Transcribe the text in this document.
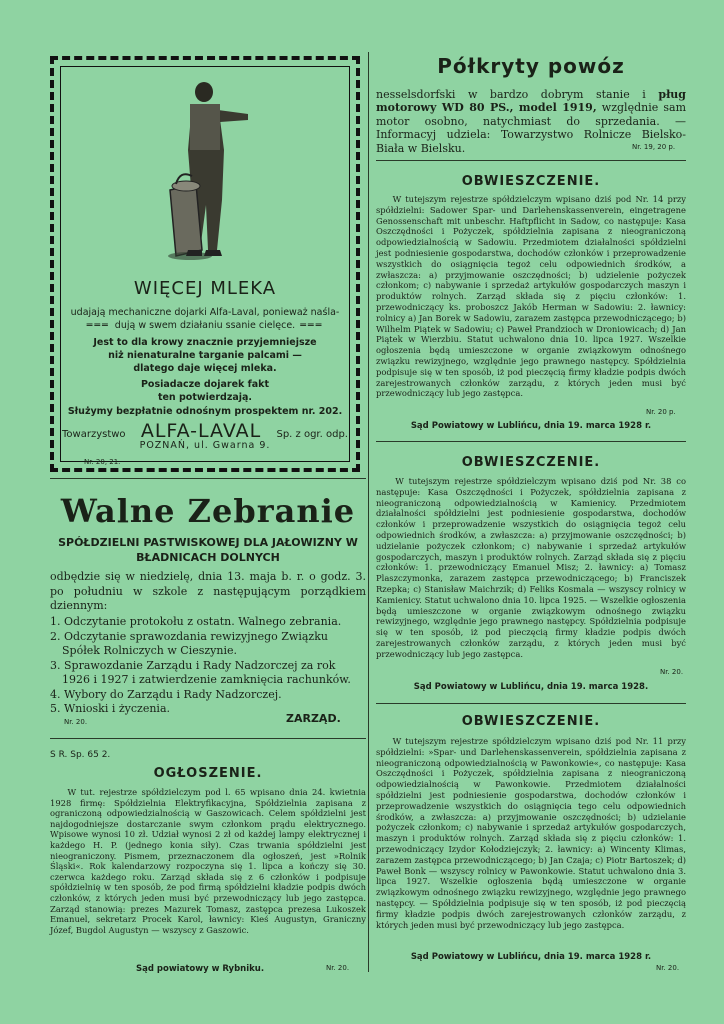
WIĘCEJ MLEKA
udajają mechaniczne dojarki Alfa-Laval, ponieważ naśla-
═══ dują w swem działaniu ssanie cielęce. ═══
Jest to dla krowy znacznie przyjemniejsze
niż nienaturalne targanie palcami —
dlatego daje więcej mleka.
Posiadacze dojarek fakt
ten potwierdzają.
Służymy bezpłatnie odnośnym prospektem nr. 202.
Towarzystwo ALFA-LAVAL Sp. z ogr. odp.
POZNAŃ, ul. Gwarna 9.
Nr. 20, 21.
Walne Zebranie
SPÓŁDZIELNI PASTWISKOWEJ DLA JAŁOWIZNY W BŁADNICACH DOLNYCH
odbędzie się w niedzielę, dnia 13. maja b. r. o godz. 3. po południu w szkole z następującym porządkiem dziennym:
1. Odczytanie protokołu z ostatn. Walnego zebrania.
2. Odczytanie sprawozdania rewizyjnego Związku
Spółek Rolniczych w Cieszynie.
3. Sprawozdanie Zarządu i Rady Nadzorczej za rok
1926 i 1927 i zatwierdzenie zamknięcia rachunków.
4. Wybory do Zarządu i Rady Nadzorczej.
5. Wnioski i życzenia.
Nr. 20.	ZARZĄD.
S R. Sp. 65 2.
OGŁOSZENIE.
W tut. rejestrze spółdzielczym pod l. 65 wpisano dnia 24. kwietnia 1928 firmę: Spółdzielnia Elektryfikacyjna, Spółdzielnia zapisana z ograniczoną odpowiedzialnością w Gaszowicach. Celem spółdzielni jest najdogodniejsze dostarczanie swym członkom prądu elektrycznego. Wpisowe wynosi 10 zł. Udział wynosi 2 zł od każdej lampy elektrycznej i każdego H. P. (jednego konia siły). Czas trwania spółdzielni jest nieograniczony. Pismem, przeznaczonem dla ogłoszeń, jest »Rolnik Śląski«. Rok kalendarzowy rozpoczyna się 1. lipca a kończy się 30. czerwca każdego roku. Zarząd składa się z 6 członków i podpisuje spółdzielnię w ten sposób, że pod firmą spółdzielni kładzie podpis dwóch członków, z których jeden musi być przewodniczący lub jego zastępca. Zarząd stanowią: prezes Mazurek Tomasz, zastępca prezesa Lukoszek Emanuel, sekretarz Procek Karol, ławnicy: Kieś Augustyn, Graniczny Józef, Bugdol Augustyn — wszyscy z Gaszowic.
Sąd powiatowy w Rybniku.	Nr. 20.
Półkryty powóz
nesselsdorfski w bardzo dobrym stanie i pług motorowy WD 80 PS., model 1919, względnie sam motor osobno, natychmiast do sprzedania. — Informacyj udziela: Towarzystwo Rolnicze Bielsko-Biała w Bielsku.	Nr. 19, 20 p.
OBWIESZCZENIE.
W tutejszym rejestrze spółdzielczym wpisano dziś pod Nr. 14 przy spółdzielni: Sadower Spar- und Darlehenskassenverein, eingetragene Genossenschaft mit unbeschr. Haftpflicht in Sadow, co następuje: Kasa Oszczędności i Pożyczek, spółdzielnia zapisana z nieograniczoną odpowiedzialnością w Sadowiu. Przedmiotem działalności spółdzielni jest podniesienie gospodarstwa, dochodów członków i przeprowadzenie wszystkich do osiągnięcia tegoż celu odpowiednich środków, a zwłaszcza: a) przyjmowanie oszczędności; b) udzielenie pożyczek członkom; c) nabywanie i sprzedaż artykułów gospodarczych maszyn i produktów rolnych. Zarząd składa się z pięciu członków: 1. przewodniczący ks. proboszcz Jakób Herman w Sadowiu: 2. ławnicy: rolnicy a) Jan Borek w Sadowiu, zarazem zastępca przewodniczącego; b) Wilhelm Piątek w Sadowiu; c) Paweł Prandzioch w Droniowicach; d) Jan Piątek w Wierzbiu. Statut uchwalono dnia 10. lipca 1927. Wszelkie ogłoszenia będą umieszczone w organie związkowym odnośnego związku rewizyjnego, względnie jego prawnego następcy. Spółdzielnia podpisuje się w ten sposób, iż pod pieczęcią firmy kładzie podpis dwóch zarejestrowanych członków zarządu, z których jeden musi być przewodniczący lub jego zastępca.
Nr. 20 p.
Sąd Powiatowy w Lublińcu, dnia 19. marca 1928 r.
OBWIESZCZENIE.
W tutejszym rejestrze spółdzielczym wpisano dziś pod Nr. 38 co następuje: Kasa Oszczędności i Pożyczek, spółdzielnia zapisana z nieograniczoną odpowiedzialnością w Kamienicy. Przedmiotem działalności spółdzielni jest podniesienie gospodarstwa, dochodów członków i przeprowadzenie wszystkich do osiągnięcia tegoż celu odpowiednich środków, a zwłaszcza: a) przyjmowanie oszczędności; b) udzielanie pożyczek członkom; c) nabywanie i sprzedaż artykułów gospodarczych, maszyn i produktów rolnych. Zarząd składa się z pięciu członków: 1. przewodniczący Emanuel Misz; 2. ławnicy: a) Tomasz Plaszczymonka, zarazem zastępca przewodniczącego; b) Franciszek Rzepka; c) Stanisław Maichrzik; d) Feliks Kosmala — wszyscy rolnicy w Kamienicy. Statut uchwalono dnia 10. lipca 1925. — Wszelkie ogłoszenia będą umieszczone w organie związkowym odnośnego związku rewizyjnego, względnie jego prawnego następcy. Spółdzielnia podpisuje się w ten sposób, iż pod pieczęcią firmy kładzie podpis dwóch zarejestrowanych członków zarządu, z których jeden musi być przewodniczący lub jego zastępca.
Nr. 20.
Sąd Powiatowy w Lublińcu, dnia 19. marca 1928.
OBWIESZCZENIE.
W tutejszym rejestrze spółdzielczym wpisano dziś pod Nr. 11 przy spółdzielni: »Spar- und Darlehenskassenverein, spółdzielnia zapisana z nieograniczoną odpowiedzialnością w Pawonkowie«, co następuje: Kasa Oszczędności i Pożyczek, spółdzielnia zapisana z nieograniczoną odpowiedzialnością w Pawonkowie. Przedmiotem działalności spółdzielni jest podniesienie gospodarstwa, dochodów członków i przeprowadzenie wszystkich do osiągnięcia tego celu odpowiednich środków, a zwłaszcza: a) przyjmowanie oszczędności; b) udzielanie pożyczek członkom; c) nabywanie i sprzedaż artykułów gospodarczych, maszyn i produktów rolnych. Zarząd składa się z pięciu członków: 1. przewodniczący Izydor Kołodziejczyk; 2. ławnicy: a) Wincenty Klimas, zarazem zastępca przewodniczącego; b) Jan Czaja; c) Piotr Bartoszek; d) Paweł Bonk — wszyscy rolnicy w Pawonkowie. Statut uchwalono dnia 3. lipca 1927. Wszelkie ogłoszenia będą umieszczone w organie związkowym odnośnego związku rewizyjnego, względnie jego prawnego następcy. — Spółdzielnia podpisuje się w ten sposób, iż pod pieczęcią firmy kładzie podpis dwóch zarejestrowanych członków zarządu, z których jeden musi być przewodniczący lub jego zastępca.
Sąd Powiatowy w Lublińcu, dnia 19. marca 1928 r.
Nr. 20.
